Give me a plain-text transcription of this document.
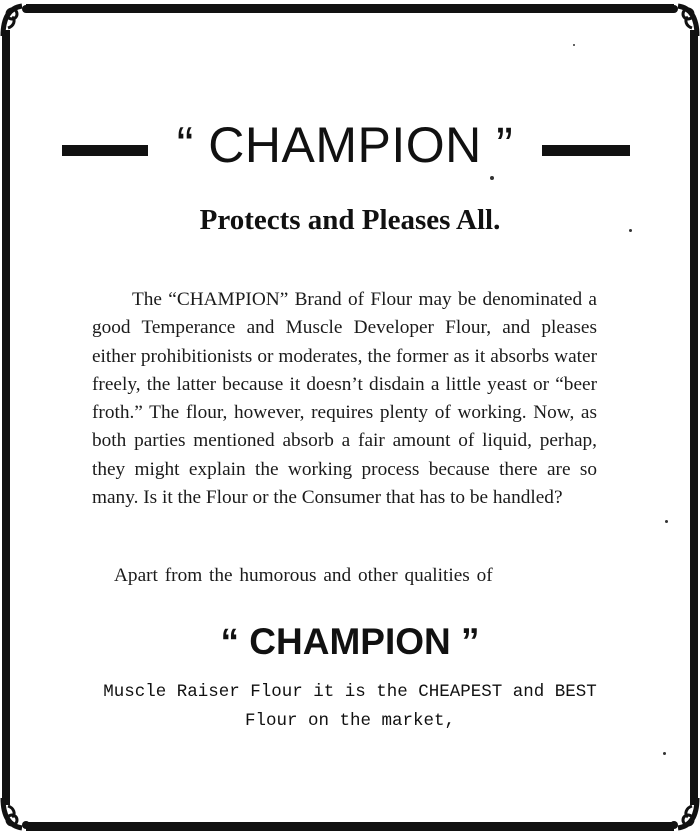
“ CHAMPION ”
Protects and Pleases All.

The “CHAMPION” Brand of Flour may be denominated a good Temperance and Muscle Developer Flour, and pleases either prohibitionists or moderates, the former as it absorbs water freely, the latter because it doesn’t disdain a little yeast or “beer froth.” The flour, however, requires plenty of working. Now, as both parties mentioned absorb a fair amount of liquid, perhap, they might explain the working process because there are so many. Is it the Flour or the Consumer that has to be handled?

Apart from the humorous and other qualities of
“ CHAMPION ”
Muscle Raiser Flour it is the CHEAPEST and BEST
Flour on the market,
